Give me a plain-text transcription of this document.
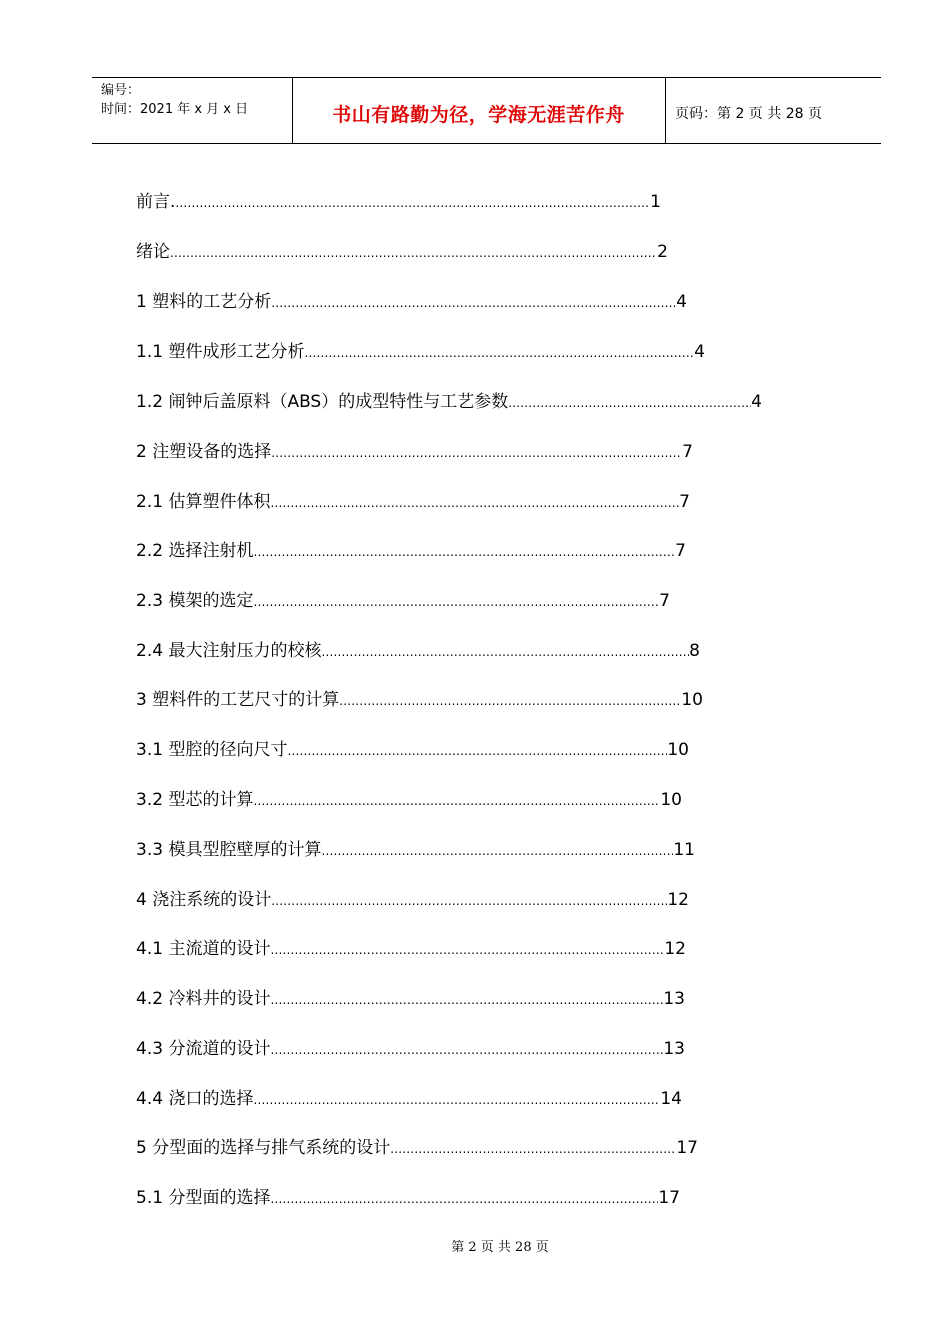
编号：
时间：2021 年 x 月 x 日	书山有路勤为径，学海无涯苦作舟	页码：第 2 页 共 28 页
前言. .....	1
绪论 .....	2
1 塑料的工艺分析 .....	4
1.1 塑件成形工艺分析 .....	4
1.2 闹钟后盖原料（ABS）的成型特性与工艺参数 .....	4
2 注塑设备的选择 .....	7
2.1 估算塑件体积 .....	7
2.2 选择注射机 .....	7
2.3 模架的选定 .....	7
2.4 最大注射压力的校核 .....	8
3 塑料件的工艺尺寸的计算 .....	10
3.1 型腔的径向尺寸 .....	10
3.2 型芯的计算 .....	10
3.3 模具型腔壁厚的计算 .....	11
4 浇注系统的设计 .....	12
4.1 主流道的设计 .....	12
4.2 冷料井的设计 .....	13
4.3 分流道的设计 .....	13
4.4 浇口的选择 .....	14
5 分型面的选择与排气系统的设计 .....	17
5.1 分型面的选择 .....	17
第 2 页 共 28 页
